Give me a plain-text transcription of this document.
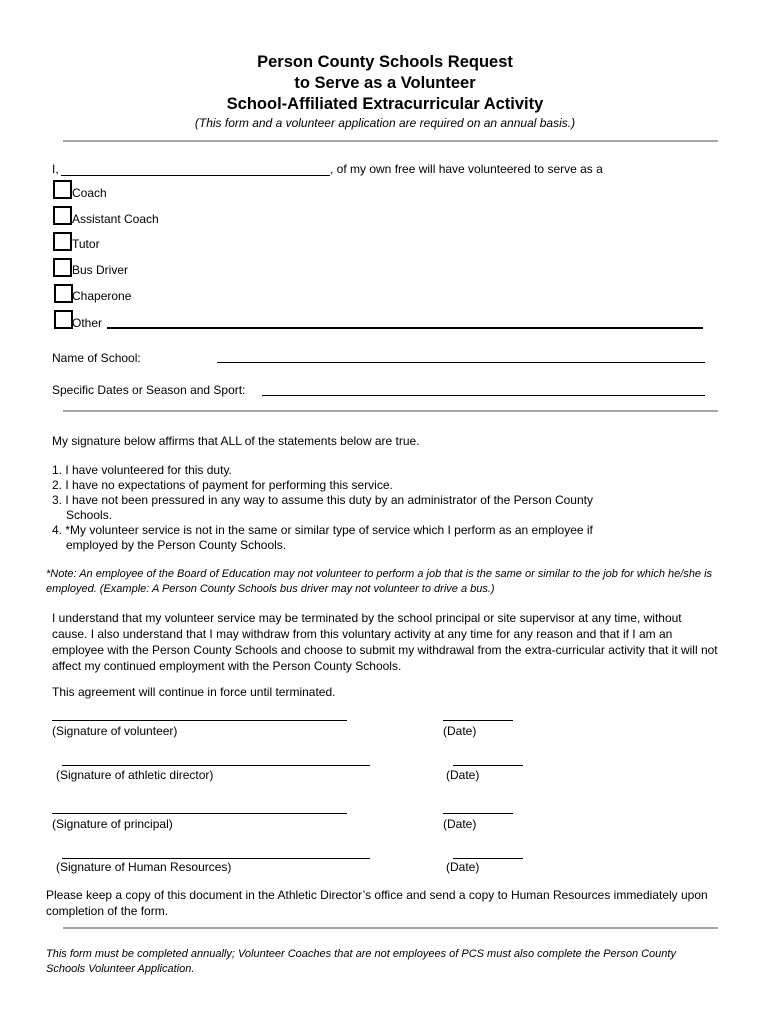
Person County Schools Request
to Serve as a Volunteer
School-Affiliated Extracurricular Activity
(This form and a volunteer application are required on an annual basis.)
I,	, of my own free will have volunteered to serve as a
Coach
Assistant Coach
Tutor
Bus Driver
Chaperone
Other
Name of School:
Specific Dates or Season and Sport:
My signature below affirms that ALL of the statements below are true.
1. I have volunteered for this duty.
2. I have no expectations of payment for performing this service.
3. I have not been pressured in any way to assume this duty by an administrator of the Person County
Schools.
4. *My volunteer service is not in the same or similar type of service which I perform as an employee if
employed by the Person County Schools.
*Note: An employee of the Board of Education may not volunteer to perform a job that is the same or similar to the job for which he/she is employed. (Example: A Person County Schools bus driver may not volunteer to drive a bus.)
I understand that my volunteer service may be terminated by the school principal or site supervisor at any time, without cause. I also understand that I may withdraw from this voluntary activity at any time for any reason and that if I am an employee with the Person County Schools and choose to submit my withdrawal from the extra-curricular activity that it will not affect my continued employment with the Person County Schools.
This agreement will continue in force until terminated.
(Signature of volunteer)	(Date)
(Signature of athletic director)	(Date)
(Signature of principal)	(Date)
(Signature of Human Resources)	(Date)
Please keep a copy of this document in the Athletic Director’s office and send a copy to Human Resources immediately upon completion of the form.
This form must be completed annually; Volunteer Coaches that are not employees of PCS must also complete the Person County Schools Volunteer Application.
